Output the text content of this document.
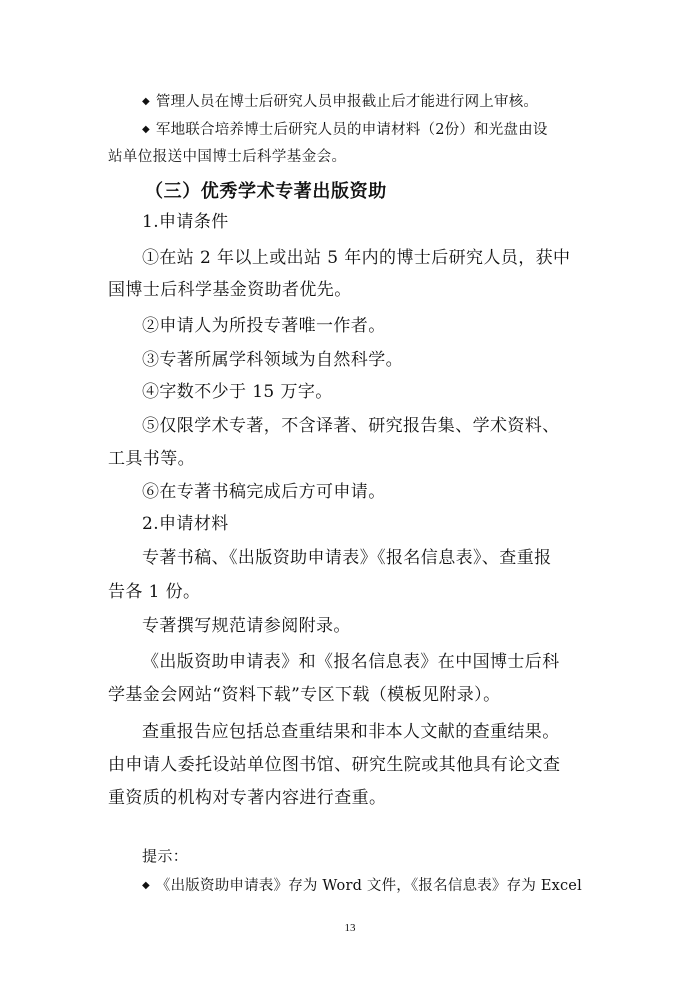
◆ 管理人员在博士后研究人员申报截止后才能进行网上审核。
◆ 军地联合培养博士后研究人员的申请材料（2份）和光盘由设
站单位报送中国博士后科学基金会。
（三）优秀学术专著出版资助
1.申请条件
①在站 2 年以上或出站 5 年内的博士后研究人员，获中
国博士后科学基金资助者优先。
②申请人为所投专著唯一作者。
③专著所属学科领域为自然科学。
④字数不少于 15 万字。
⑤仅限学术专著，不含译著、研究报告集、学术资料、
工具书等。
⑥在专著书稿完成后方可申请。
2.申请材料
专著书稿、《出版资助申请表》《报名信息表》、查重报
告各 1 份。
专著撰写规范请参阅附录。
《出版资助申请表》和《报名信息表》在中国博士后科
学基金会网站“资料下载”专区下载（模板见附录）。
查重报告应包括总查重结果和非本人文献的查重结果。
由申请人委托设站单位图书馆、研究生院或其他具有论文查
重资质的机构对专著内容进行查重。
提示：
◆ 《出版资助申请表》存为 Word 文件，《报名信息表》存为 Excel
13
